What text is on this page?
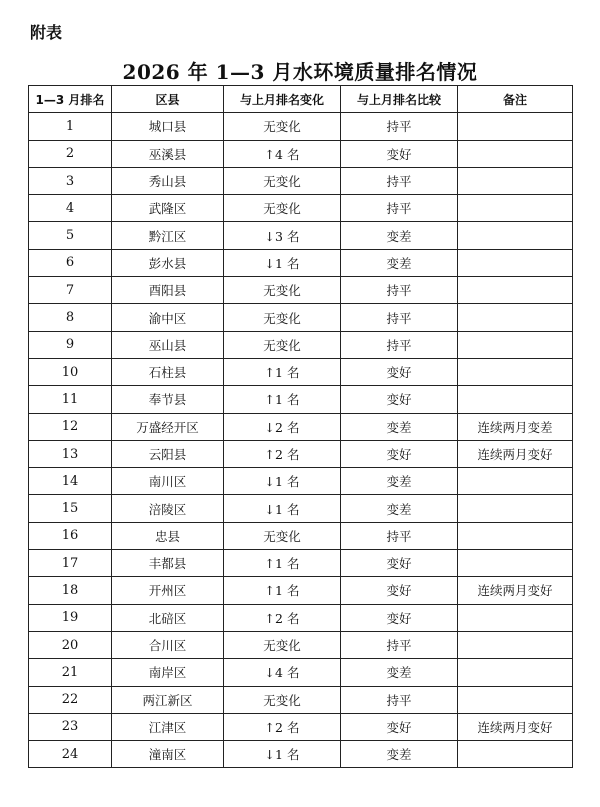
附表
2026 年 1—3 月水环境质量排名情况
1—3 月排名	区县	与上月排名变化	与上月排名比较	备注
1	城口县	无变化	持平	
2	巫溪县	↑4 名	变好	
3	秀山县	无变化	持平	
4	武隆区	无变化	持平	
5	黔江区	↓3 名	变差	
6	彭水县	↓1 名	变差	
7	酉阳县	无变化	持平	
8	渝中区	无变化	持平	
9	巫山县	无变化	持平	
10	石柱县	↑1 名	变好	
11	奉节县	↑1 名	变好	
12	万盛经开区	↓2 名	变差	连续两月变差
13	云阳县	↑2 名	变好	连续两月变好
14	南川区	↓1 名	变差	
15	涪陵区	↓1 名	变差	
16	忠县	无变化	持平	
17	丰都县	↑1 名	变好	
18	开州区	↑1 名	变好	连续两月变好
19	北碚区	↑2 名	变好	
20	合川区	无变化	持平	
21	南岸区	↓4 名	变差	
22	两江新区	无变化	持平	
23	江津区	↑2 名	变好	连续两月变好
24	潼南区	↓1 名	变差	
